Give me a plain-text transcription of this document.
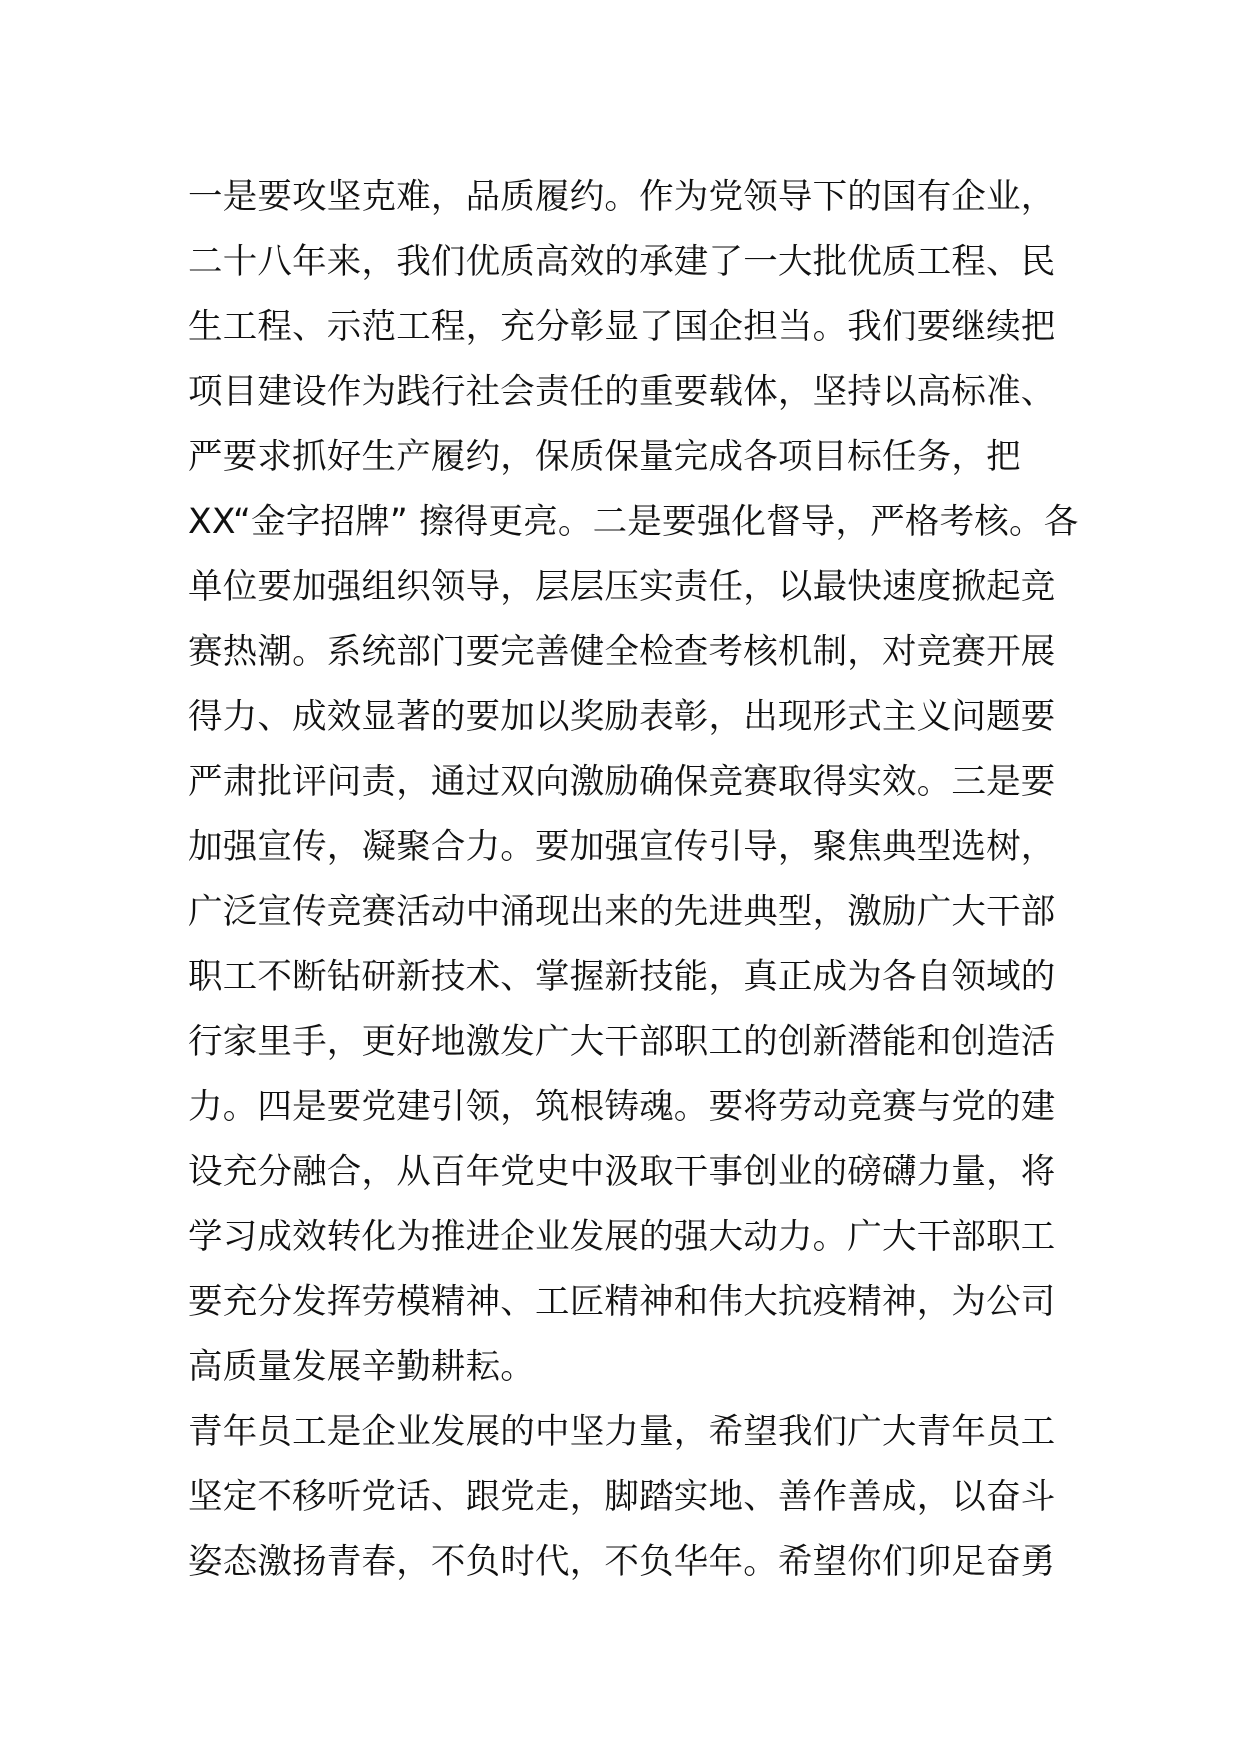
一是要攻坚克难，品质履约。作为党领导下的国有企业，
二十八年来，我们优质高效的承建了一大批优质工程、民
生工程、示范工程，充分彰显了国企担当。我们要继续把
项目建设作为践行社会责任的重要载体，坚持以高标准、
严要求抓好生产履约，保质保量完成各项目标任务，把
XX“金字招牌” 擦得更亮。二是要强化督导，严格考核。各
单位要加强组织领导，层层压实责任，以最快速度掀起竞
赛热潮。系统部门要完善健全检查考核机制，对竞赛开展
得力、成效显著的要加以奖励表彰，出现形式主义问题要
严肃批评问责，通过双向激励确保竞赛取得实效。三是要
加强宣传，凝聚合力。要加强宣传引导，聚焦典型选树，
广泛宣传竞赛活动中涌现出来的先进典型，激励广大干部
职工不断钻研新技术、掌握新技能，真正成为各自领域的
行家里手，更好地激发广大干部职工的创新潜能和创造活
力。四是要党建引领，筑根铸魂。要将劳动竞赛与党的建
设充分融合，从百年党史中汲取干事创业的磅礴力量，将
学习成效转化为推进企业发展的强大动力。广大干部职工
要充分发挥劳模精神、工匠精神和伟大抗疫精神，为公司
高质量发展辛勤耕耘。
青年员工是企业发展的中坚力量，希望我们广大青年员工
坚定不移听党话、跟党走，脚踏实地、善作善成，以奋斗
姿态激扬青春，不负时代，不负华年。希望你们卯足奋勇
